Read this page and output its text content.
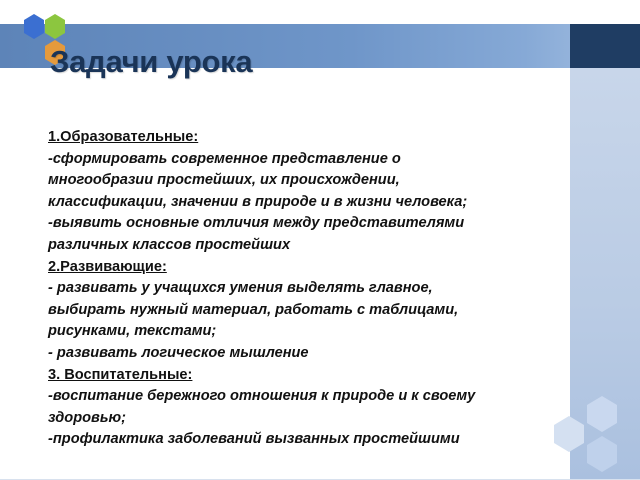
Задачи урока
1.Образовательные:
-сформировать современное представление о
многообразии простейших, их происхождении,
классификации, значении в природе и в жизни человека;
-выявить основные отличия между представителями
различных классов простейших
2.Развивающие:
- развивать у учащихся умения выделять главное,
выбирать нужный материал, работать с таблицами,
рисунками, текстами;
- развивать логическое мышление
3. Воспитательные:
-воспитание бережного отношения к природе и к своему
здоровью;
-профилактика заболеваний вызванных простейшими
